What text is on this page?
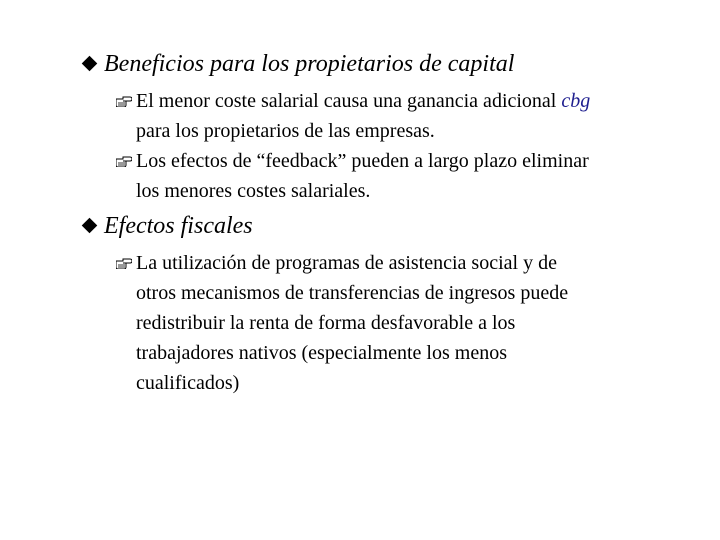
Beneficios para los propietarios de capital
El menor coste salarial causa una ganancia adicional cbg
para los propietarios de las empresas.
Los efectos de “feedback” pueden a largo plazo eliminar
los menores costes salariales.
Efectos fiscales
La utilización de programas de asistencia social y de
otros mecanismos de transferencias de ingresos puede
redistribuir la renta de forma desfavorable a los
trabajadores nativos (especialmente los menos
cualificados)
